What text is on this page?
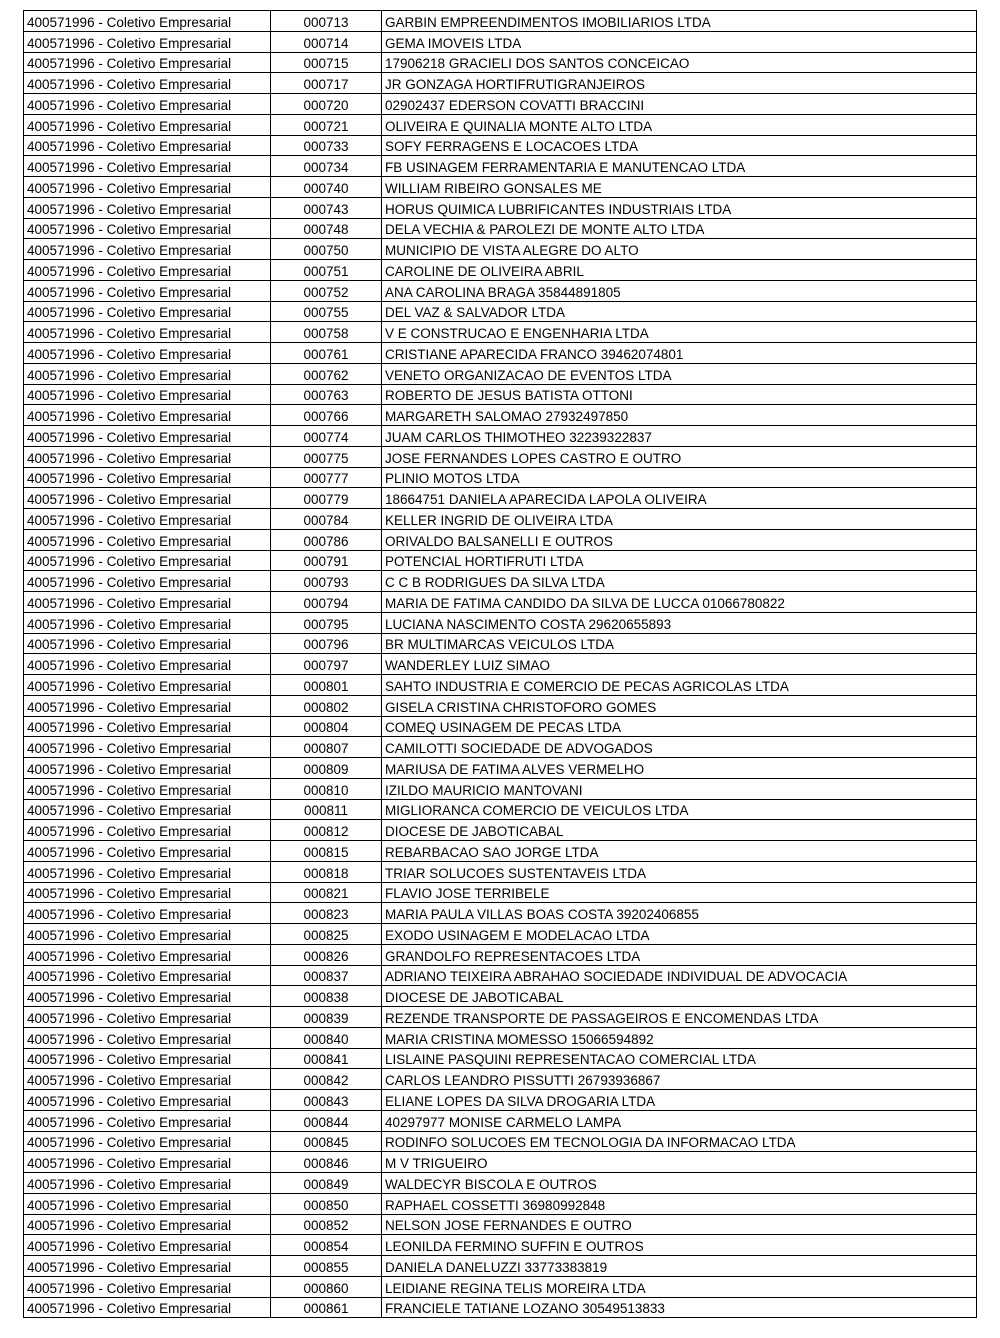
400571996 - Coletivo Empresarial	000713	GARBIN EMPREENDIMENTOS IMOBILIARIOS LTDA
400571996 - Coletivo Empresarial	000714	GEMA IMOVEIS LTDA
400571996 - Coletivo Empresarial	000715	17906218 GRACIELI DOS SANTOS CONCEICAO
400571996 - Coletivo Empresarial	000717	JR GONZAGA HORTIFRUTIGRANJEIROS
400571996 - Coletivo Empresarial	000720	02902437 EDERSON COVATTI BRACCINI
400571996 - Coletivo Empresarial	000721	OLIVEIRA E QUINALIA MONTE ALTO LTDA
400571996 - Coletivo Empresarial	000733	SOFY FERRAGENS E LOCACOES LTDA
400571996 - Coletivo Empresarial	000734	FB USINAGEM FERRAMENTARIA E MANUTENCAO LTDA
400571996 - Coletivo Empresarial	000740	WILLIAM RIBEIRO GONSALES ME
400571996 - Coletivo Empresarial	000743	HORUS QUIMICA LUBRIFICANTES INDUSTRIAIS LTDA
400571996 - Coletivo Empresarial	000748	DELA VECHIA & PAROLEZI DE MONTE ALTO LTDA
400571996 - Coletivo Empresarial	000750	MUNICIPIO DE VISTA ALEGRE DO ALTO
400571996 - Coletivo Empresarial	000751	CAROLINE DE OLIVEIRA ABRIL
400571996 - Coletivo Empresarial	000752	ANA CAROLINA BRAGA 35844891805
400571996 - Coletivo Empresarial	000755	DEL VAZ & SALVADOR LTDA
400571996 - Coletivo Empresarial	000758	V E CONSTRUCAO E ENGENHARIA LTDA
400571996 - Coletivo Empresarial	000761	CRISTIANE APARECIDA FRANCO 39462074801
400571996 - Coletivo Empresarial	000762	VENETO ORGANIZACAO DE EVENTOS LTDA
400571996 - Coletivo Empresarial	000763	ROBERTO DE JESUS BATISTA OTTONI
400571996 - Coletivo Empresarial	000766	MARGARETH SALOMAO 27932497850
400571996 - Coletivo Empresarial	000774	JUAM CARLOS THIMOTHEO 32239322837
400571996 - Coletivo Empresarial	000775	JOSE FERNANDES LOPES CASTRO E OUTRO
400571996 - Coletivo Empresarial	000777	PLINIO MOTOS LTDA
400571996 - Coletivo Empresarial	000779	18664751 DANIELA APARECIDA LAPOLA OLIVEIRA
400571996 - Coletivo Empresarial	000784	KELLER INGRID DE OLIVEIRA LTDA
400571996 - Coletivo Empresarial	000786	ORIVALDO BALSANELLI E OUTROS
400571996 - Coletivo Empresarial	000791	POTENCIAL HORTIFRUTI LTDA
400571996 - Coletivo Empresarial	000793	C C B RODRIGUES DA SILVA LTDA
400571996 - Coletivo Empresarial	000794	MARIA DE FATIMA CANDIDO DA SILVA DE LUCCA 01066780822
400571996 - Coletivo Empresarial	000795	LUCIANA NASCIMENTO COSTA 29620655893
400571996 - Coletivo Empresarial	000796	BR MULTIMARCAS VEICULOS LTDA
400571996 - Coletivo Empresarial	000797	WANDERLEY LUIZ SIMAO
400571996 - Coletivo Empresarial	000801	SAHTO INDUSTRIA E COMERCIO DE PECAS AGRICOLAS LTDA
400571996 - Coletivo Empresarial	000802	GISELA CRISTINA CHRISTOFORO GOMES
400571996 - Coletivo Empresarial	000804	COMEQ USINAGEM DE PECAS LTDA
400571996 - Coletivo Empresarial	000807	CAMILOTTI SOCIEDADE DE ADVOGADOS
400571996 - Coletivo Empresarial	000809	MARIUSA DE FATIMA ALVES VERMELHO
400571996 - Coletivo Empresarial	000810	IZILDO MAURICIO MANTOVANI
400571996 - Coletivo Empresarial	000811	MIGLIORANCA COMERCIO DE VEICULOS LTDA
400571996 - Coletivo Empresarial	000812	DIOCESE DE JABOTICABAL
400571996 - Coletivo Empresarial	000815	REBARBACAO SAO JORGE LTDA
400571996 - Coletivo Empresarial	000818	TRIAR SOLUCOES SUSTENTAVEIS LTDA
400571996 - Coletivo Empresarial	000821	FLAVIO JOSE TERRIBELE
400571996 - Coletivo Empresarial	000823	MARIA PAULA VILLAS BOAS COSTA 39202406855
400571996 - Coletivo Empresarial	000825	EXODO USINAGEM E MODELACAO LTDA
400571996 - Coletivo Empresarial	000826	GRANDOLFO REPRESENTACOES LTDA
400571996 - Coletivo Empresarial	000837	ADRIANO TEIXEIRA ABRAHAO SOCIEDADE INDIVIDUAL DE ADVOCACIA
400571996 - Coletivo Empresarial	000838	DIOCESE DE JABOTICABAL
400571996 - Coletivo Empresarial	000839	REZENDE TRANSPORTE DE PASSAGEIROS E ENCOMENDAS LTDA
400571996 - Coletivo Empresarial	000840	MARIA CRISTINA MOMESSO 15066594892
400571996 - Coletivo Empresarial	000841	LISLAINE PASQUINI REPRESENTACAO COMERCIAL LTDA
400571996 - Coletivo Empresarial	000842	CARLOS LEANDRO PISSUTTI 26793936867
400571996 - Coletivo Empresarial	000843	ELIANE LOPES DA SILVA DROGARIA LTDA
400571996 - Coletivo Empresarial	000844	40297977 MONISE CARMELO LAMPA
400571996 - Coletivo Empresarial	000845	RODINFO SOLUCOES EM TECNOLOGIA DA INFORMACAO LTDA
400571996 - Coletivo Empresarial	000846	M V TRIGUEIRO
400571996 - Coletivo Empresarial	000849	WALDECYR BISCOLA E OUTROS
400571996 - Coletivo Empresarial	000850	RAPHAEL COSSETTI 36980992848
400571996 - Coletivo Empresarial	000852	NELSON JOSE FERNANDES E OUTRO
400571996 - Coletivo Empresarial	000854	LEONILDA FERMINO SUFFIN E OUTROS
400571996 - Coletivo Empresarial	000855	DANIELA DANELUZZI 33773383819
400571996 - Coletivo Empresarial	000860	LEIDIANE REGINA TELIS MOREIRA LTDA
400571996 - Coletivo Empresarial	000861	FRANCIELE TATIANE LOZANO 30549513833
